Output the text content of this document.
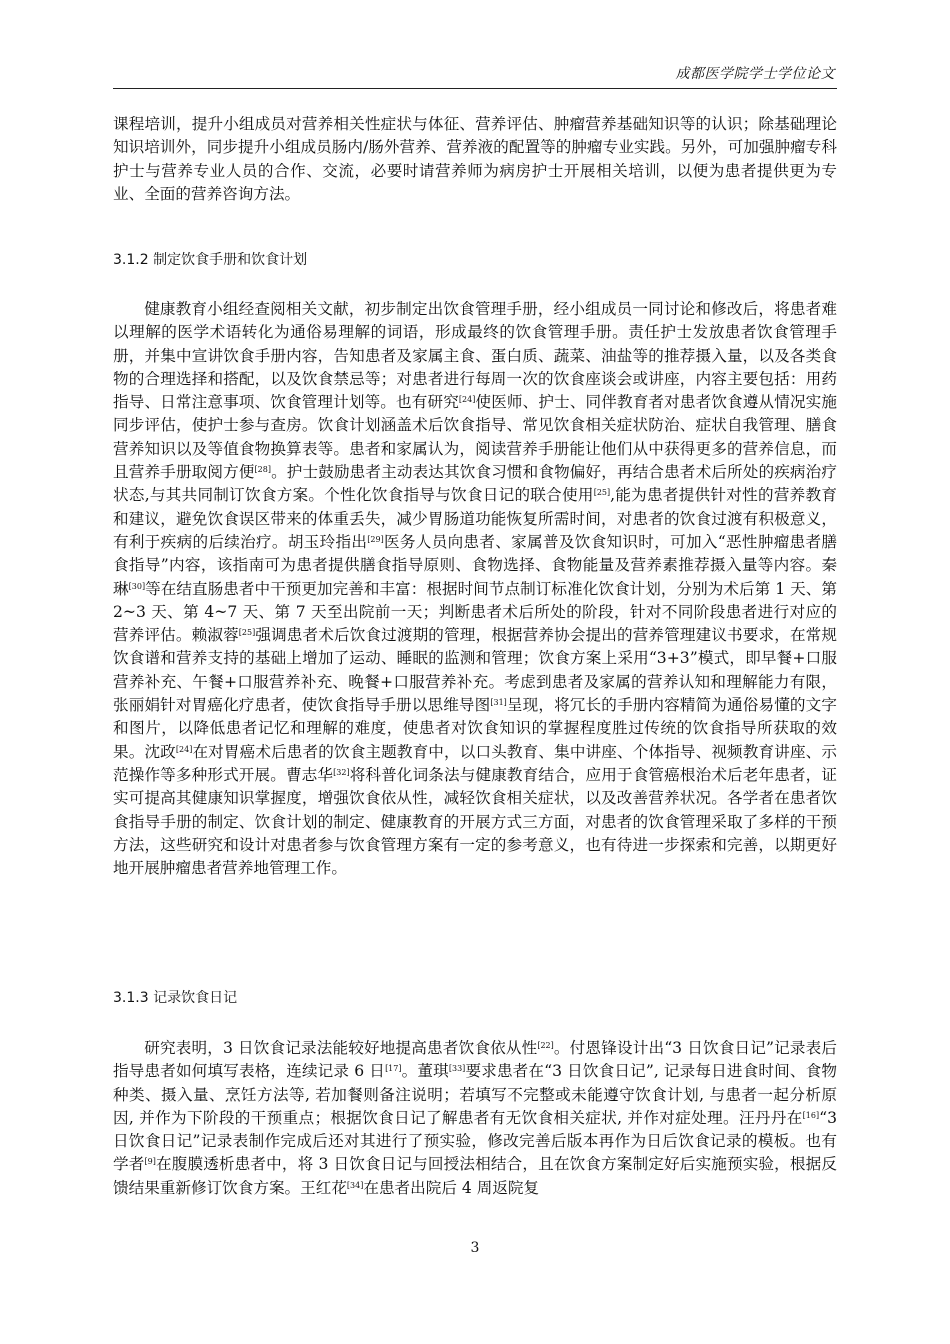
成都医学院学士学位论文
课程培训，提升小组成员对营养相关性症状与体征、营养评估、肿瘤营养基础知识等的认识；除基础理论知识培训外，同步提升小组成员肠内/肠外营养、营养液的配置等的肿瘤专业实践。另外，可加强肿瘤专科护士与营养专业人员的合作、交流，必要时请营养师为病房护士开展相关培训，以便为患者提供更为专业、全面的营养咨询方法。
3.1.2 制定饮食手册和饮食计划
健康教育小组经查阅相关文献，初步制定出饮食管理手册，经小组成员一同讨论和修改后，将患者难以理解的医学术语转化为通俗易理解的词语，形成最终的饮食管理手册。责任护士发放患者饮食管理手册，并集中宣讲饮食手册内容，告知患者及家属主食、蛋白质、蔬菜、油盐等的推荐摄入量，以及各类食物的合理选择和搭配，以及饮食禁忌等；对患者进行每周一次的饮食座谈会或讲座，内容主要包括：用药指导、日常注意事项、饮食管理计划等。也有研究[24]使医师、护士、同伴教育者对患者饮食遵从情况实施同步评估，使护士参与查房。饮食计划涵盖术后饮食指导、常见饮食相关症状防治、症状自我管理、膳食营养知识以及等值食物换算表等。患者和家属认为，阅读营养手册能让他们从中获得更多的营养信息，而且营养手册取阅方便[28]。护士鼓励患者主动表达其饮食习惯和食物偏好，再结合患者术后所处的疾病治疗状态,与其共同制订饮食方案。个性化饮食指导与饮食日记的联合使用[25],能为患者提供针对性的营养教育和建议，避免饮食误区带来的体重丢失，减少胃肠道功能恢复所需时间，对患者的饮食过渡有积极意义，有利于疾病的后续治疗。胡玉玲指出[29]医务人员向患者、家属普及饮食知识时，可加入“恶性肿瘤患者膳食指导”内容，该指南可为患者提供膳食指导原则、食物选择、食物能量及营养素推荐摄入量等内容。秦琳[30]等在结直肠患者中干预更加完善和丰富：根据时间节点制订标准化饮食计划，分别为术后第 1 天、第 2~3 天、第 4~7 天、第 7 天至出院前一天；判断患者术后所处的阶段，针对不同阶段患者进行对应的营养评估。赖淑蓉[25]强调患者术后饮食过渡期的管理，根据营养协会提出的营养管理建议书要求，在常规饮食谱和营养支持的基础上增加了运动、睡眠的监测和管理；饮食方案上采用“3+3”模式，即早餐+口服营养补充、午餐+口服营养补充、晚餐+口服营养补充。考虑到患者及家属的营养认知和理解能力有限，张丽娟针对胃癌化疗患者，使饮食指导手册以思维导图[31]呈现，将冗长的手册内容精简为通俗易懂的文字和图片，以降低患者记忆和理解的难度，使患者对饮食知识的掌握程度胜过传统的饮食指导所获取的效果。沈政[24]在对胃癌术后患者的饮食主题教育中，以口头教育、集中讲座、个体指导、视频教育讲座、示范操作等多种形式开展。曹志华[32]将科普化词条法与健康教育结合，应用于食管癌根治术后老年患者，证实可提高其健康知识掌握度，增强饮食依从性，减轻饮食相关症状，以及改善营养状况。各学者在患者饮食指导手册的制定、饮食计划的制定、健康教育的开展方式三方面，对患者的饮食管理采取了多样的干预方法，这些研究和设计对患者参与饮食管理方案有一定的参考意义，也有待进一步探索和完善，以期更好地开展肿瘤患者营养地管理工作。
3.1.3 记录饮食日记
研究表明，3 日饮食记录法能较好地提高患者饮食依从性[22]。付恩锋设计出“3 日饮食日记”记录表后指导患者如何填写表格，连续记录 6 日[17]。董琪[33]要求患者在“3 日饮食日记”, 记录每日进食时间、食物种类、摄入量、烹饪方法等, 若加餐则备注说明；若填写不完整或未能遵守饮食计划, 与患者一起分析原因, 并作为下阶段的干预重点；根据饮食日记了解患者有无饮食相关症状, 并作对症处理。汪丹丹在[16]“3 日饮食日记”记录表制作完成后还对其进行了预实验，修改完善后版本再作为日后饮食记录的模板。也有学者[9]在腹膜透析患者中，将 3 日饮食日记与回授法相结合，且在饮食方案制定好后实施预实验，根据反馈结果重新修订饮食方案。王红花[34]在患者出院后 4 周返院复
3
